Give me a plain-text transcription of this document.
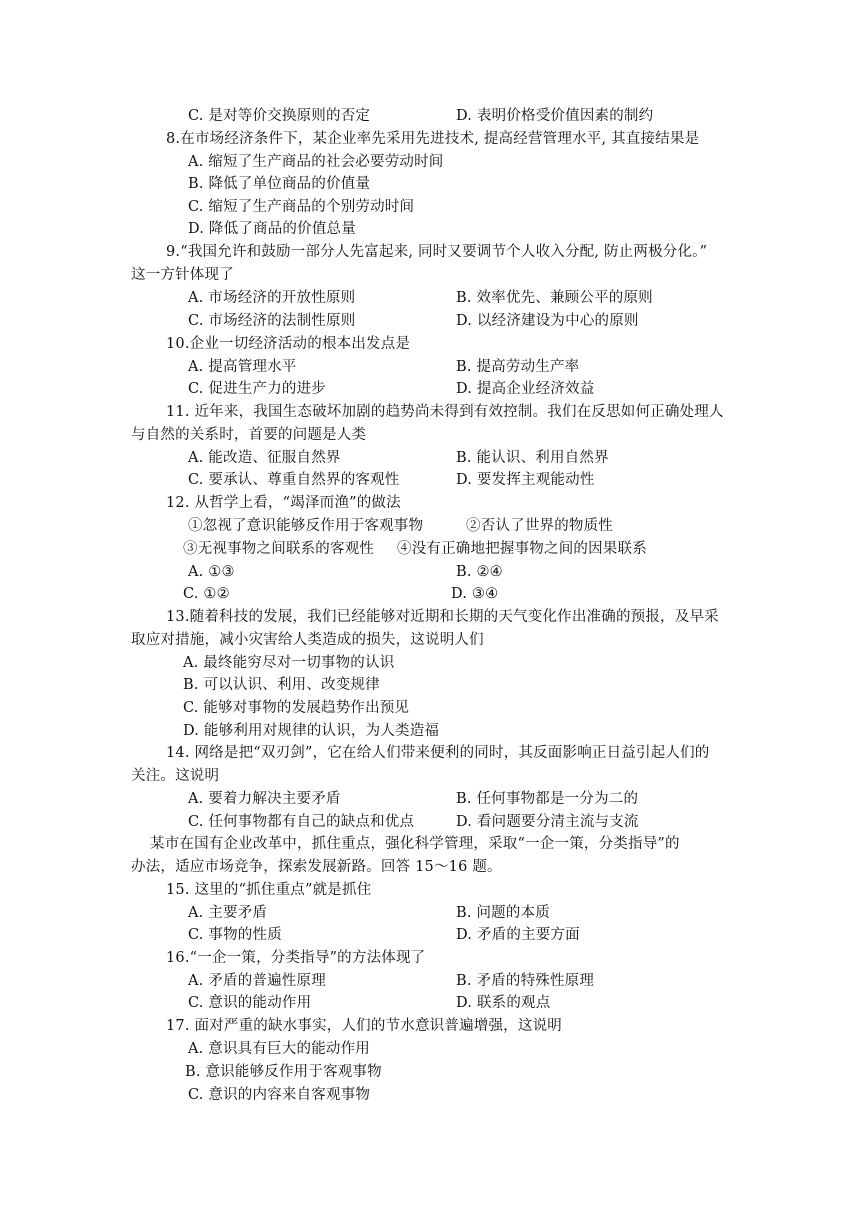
C. 是对等价交换原则的否定	D. 表明价格受价值因素的制约
8.在市场经济条件下，某企业率先采用先进技术, 提高经营管理水平, 其直接结果是
A. 缩短了生产商品的社会必要劳动时间
B. 降低了单位商品的价值量
C. 缩短了生产商品的个别劳动时间
D. 降低了商品的价值总量
9.“我国允许和鼓励一部分人先富起来, 同时又要调节个人收入分配, 防止两极分化。”
这一方针体现了
A. 市场经济的开放性原则	B. 效率优先、兼顾公平的原则
C. 市场经济的法制性原则	D. 以经济建设为中心的原则
10.企业一切经济活动的根本出发点是
A. 提高管理水平	B. 提高劳动生产率
C. 促进生产力的进步	D. 提高企业经济效益
11. 近年来，我国生态破坏加剧的趋势尚未得到有效控制。我们在反思如何正确处理人
与自然的关系时，首要的问题是人类
A. 能改造、征服自然界	B. 能认识、利用自然界
C. 要承认、尊重自然界的客观性	D. 要发挥主观能动性
12. 从哲学上看，“竭泽而渔”的做法
①忽视了意识能够反作用于客观事物	②否认了世界的物质性
③无视事物之间联系的客观性 ④没有正确地把握事物之间的因果联系
A. ①③	B. ②④
C. ①②	D. ③④
13.随着科技的发展，我们已经能够对近期和长期的天气变化作出准确的预报，及早采
取应对措施，减小灾害给人类造成的损失，这说明人们
A. 最终能穷尽对一切事物的认识
B. 可以认识、利用、改变规律
C. 能够对事物的发展趋势作出预见
D. 能够利用对规律的认识，为人类造福
14. 网络是把“双刃剑”，它在给人们带来便利的同时，其反面影响正日益引起人们的
关注。这说明
A. 要着力解决主要矛盾	B. 任何事物都是一分为二的
C. 任何事物都有自己的缺点和优点	D. 看问题要分清主流与支流
某市在国有企业改革中，抓住重点，强化科学管理，采取“一企一策，分类指导”的
办法，适应市场竞争，探索发展新路。回答 15～16 题。
15. 这里的“抓住重点”就是抓住
A. 主要矛盾	B. 问题的本质
C. 事物的性质	D. 矛盾的主要方面
16.“一企一策，分类指导”的方法体现了
A. 矛盾的普遍性原理	B. 矛盾的特殊性原理
C. 意识的能动作用	D. 联系的观点
17. 面对严重的缺水事实，人们的节水意识普遍增强，这说明
A. 意识具有巨大的能动作用
B. 意识能够反作用于客观事物
C. 意识的内容来自客观事物
